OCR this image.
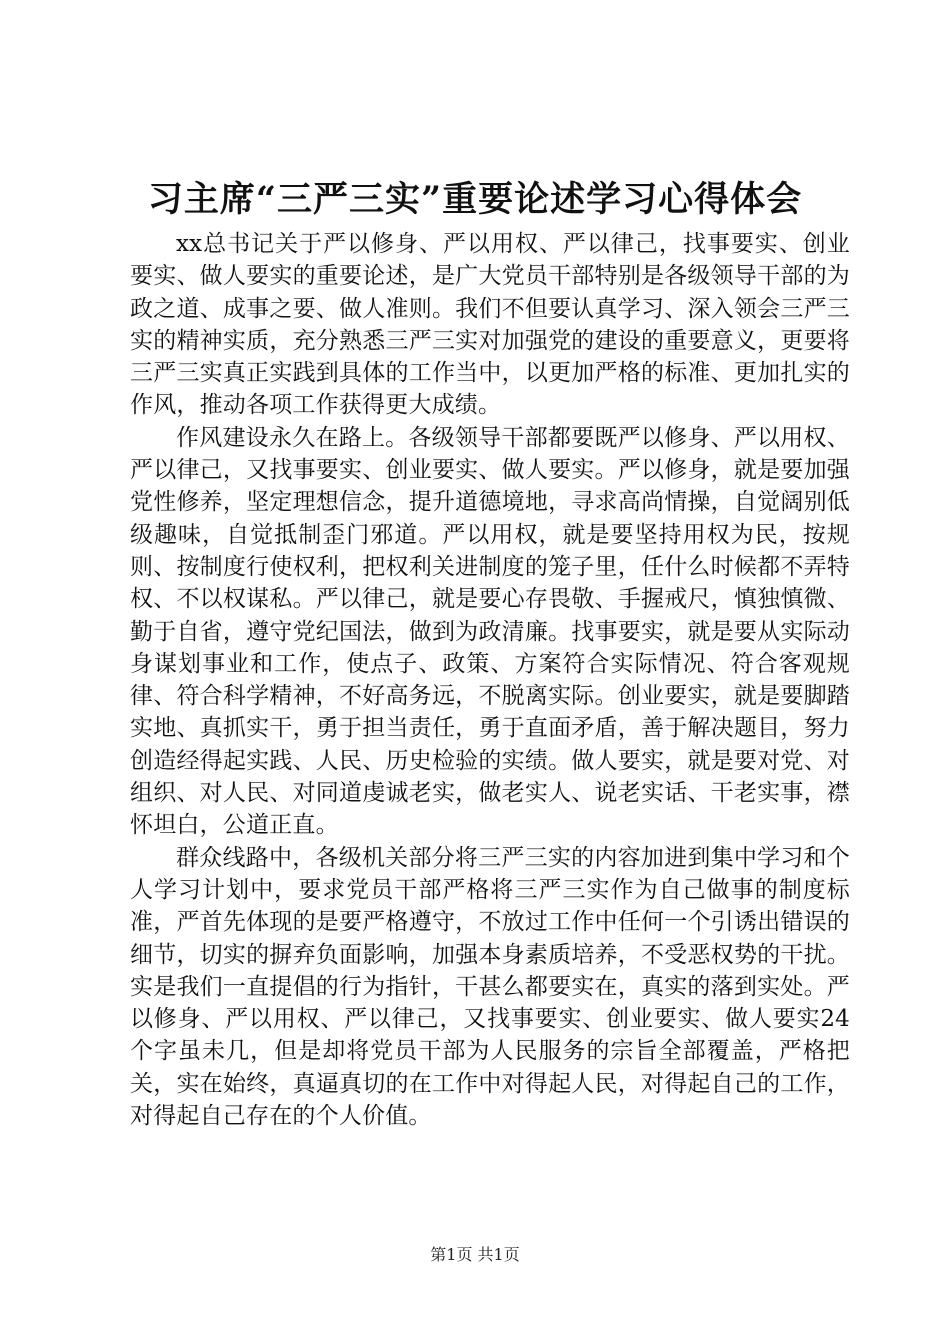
习主席“三严三实”重要论述学习心得体会

xx总书记关于严以修身、严以用权、严以律己，找事要实、创业要实、做人要实的重要论述，是广大党员干部特别是各级领导干部的为政之道、成事之要、做人准则。我们不但要认真学习、深入领会三严三实的精神实质，充分熟悉三严三实对加强党的建设的重要意义，更要将三严三实真正实践到具体的工作当中，以更加严格的标准、更加扎实的作风，推动各项工作获得更大成绩。

作风建设永久在路上。各级领导干部都要既严以修身、严以用权、严以律己，又找事要实、创业要实、做人要实。严以修身，就是要加强党性修养，坚定理想信念，提升道德境地，寻求高尚情操，自觉阔别低级趣味，自觉抵制歪门邪道。严以用权，就是要坚持用权为民，按规则、按制度行使权利，把权利关进制度的笼子里，任什么时候都不弄特权、不以权谋私。严以律己，就是要心存畏敬、手握戒尺，慎独慎微、勤于自省，遵守党纪国法，做到为政清廉。找事要实，就是要从实际动身谋划事业和工作，使点子、政策、方案符合实际情况、符合客观规律、符合科学精神，不好高务远，不脱离实际。创业要实，就是要脚踏实地、真抓实干，勇于担当责任，勇于直面矛盾，善于解决题目，努力创造经得起实践、人民、历史检验的实绩。做人要实，就是要对党、对组织、对人民、对同道虔诚老实，做老实人、说老实话、干老实事，襟怀坦白，公道正直。

群众线路中，各级机关部分将三严三实的内容加进到集中学习和个人学习计划中，要求党员干部严格将三严三实作为自己做事的制度标准，严首先体现的是要严格遵守，不放过工作中任何一个引诱出错误的细节，切实的摒弃负面影响，加强本身素质培养，不受恶权势的干扰。实是我们一直提倡的行为指针，干甚么都要实在，真实的落到实处。严以修身、严以用权、严以律己，又找事要实、创业要实、做人要实24个字虽未几，但是却将党员干部为人民服务的宗旨全部覆盖，严格把关，实在始终，真逼真切的在工作中对得起人民，对得起自己的工作，对得起自己存在的个人价值。

第1页 共1页
